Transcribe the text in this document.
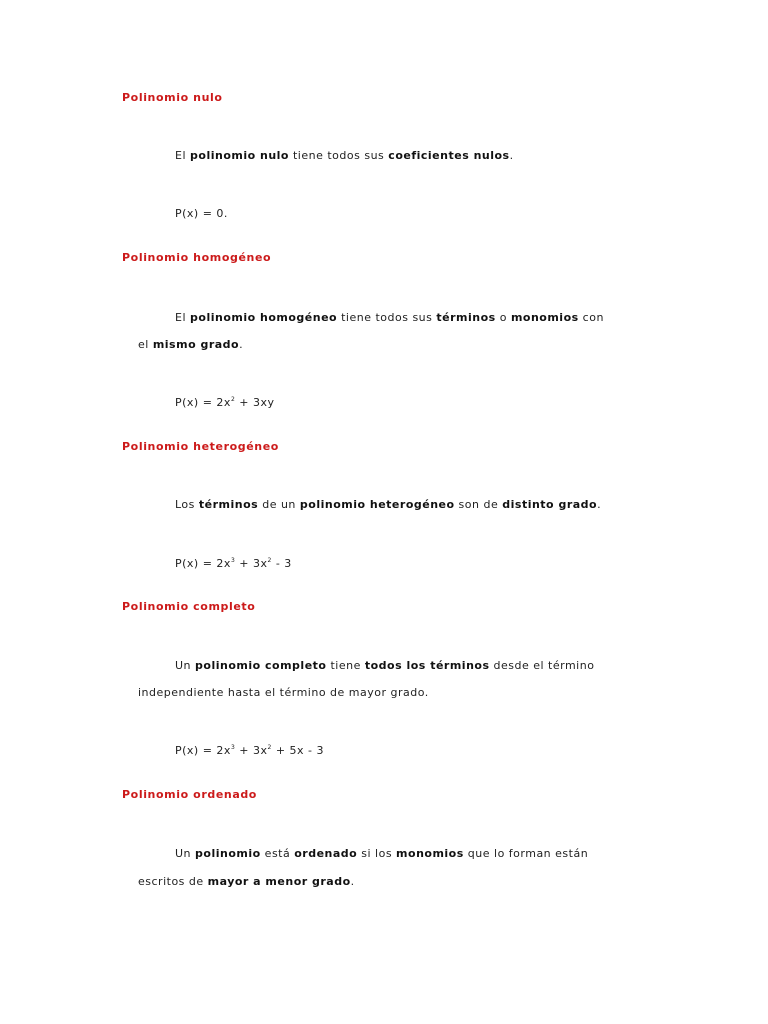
Polinomio nulo

El polinomio nulo tiene todos sus coeficientes nulos.

P(x) = 0.

Polinomio homogéneo

El polinomio homogéneo tiene todos sus términos o monomios con

el mismo grado.

$P(x) = 2x^2 + 3xy$

Polinomio heterogéneo

Los términos de un polinomio heterogéneo son de distinto grado.

$P(x) = 2x^3 + 3x^2 - 3$

Polinomio completo

Un polinomio completo tiene todos los términos desde el término

independiente hasta el término de mayor grado.

$P(x) = 2x^3 + 3x^2 + 5x - 3$

Polinomio ordenado

Un polinomio está ordenado si los monomios que lo forman están

escritos de mayor a menor grado.
